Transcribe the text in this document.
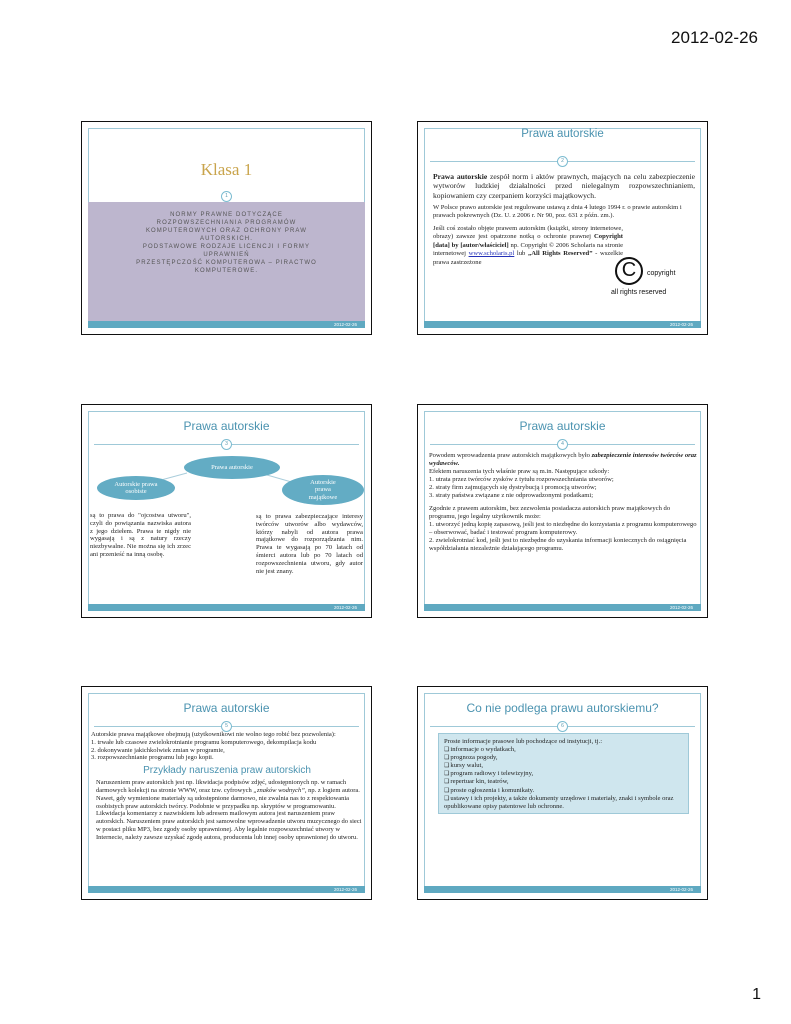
2012-02-26
Klasa 1
1

NORMY PRAWNE DOTYCZĄCE

ROZPOWSZECHNIANIA PROGRAMÓW

KOMPUTEROWYCH ORAZ OCHRONY PRAW

AUTORSKICH.

PODSTAWOWE RODZAJE LICENCJI I FORMY

UPRAWNIEŃ

PRZESTĘPCZOŚĆ KOMPUTEROWA – PIRACTWO

KOMPUTEROWE.

2012-02-26
Prawa autorskie
2

Prawa autorskie zespół norm i aktów prawnych, mających na celu zabezpieczenie wytworów ludzkiej działalności przed nielegalnym rozpowszechnianiem, kopiowaniem czy czerpaniem korzyści majątkowych.

W Polsce prawo autorskie jest regulowane ustawą z dnia 4 lutego 1994 r. o prawie autorskim i prawach pokrewnych (Dz. U. z 2006 r. Nr 90, poz. 631 z późn. zm.).

Jeśli coś zostało objęte prawem autorskim (książki, strony internetowe, obrazy) zawsze jest opatrzone notką o ochronie prawnej Copyright [data] by [autor/właściciel] np. Copyright © 2006 Scholaris na stronie internetowej www.scholaris.pl lub „All Rights Reserved” - wszelkie prawa zastrzeżone	C	copyright
all rights reserved
2012-02-26
Prawa autorskie
3
Prawa autorskie
Autorskie prawa osobiste
Autorskie prawa majątkowe
są to prawa do "ojcostwa utworu", czyli do powiązania nazwiska autora z jego dziełem. Prawa te nigdy nie wygasają i są z natury rzeczy niezbywalne. Nie można się ich zrzec ani przenieść na inną osobę.
są to prawa zabezpieczające interesy twórców utworów albo wydawców, którzy nabyli od autora prawa majątkowe do rozporządzania nim. Prawa te wygasają po 70 latach od śmierci autora lub po 70 latach od rozpowszechnienia utworu, gdy autor nie jest znany.
2012-02-26
Prawa autorskie
4

Powodem wprowadzenia praw autorskich majątkowych było zabezpieczenie interesów twórców oraz wydawców.
Efektem naruszenia tych właśnie praw są m.in. Następujące szkody:
1. utrata przez twórców zysków z tytułu rozpowszechniania utworów;
2. straty firm zajmujących się dystrybucją i promocją utworów;
3. straty państwa związane z nie odprowadzonymi podatkami;

Zgodnie z prawem autorskim, bez zezwolenia posiadacza autorskich praw majątkowych do programu, jego legalny użytkownik może:
1. utworzyć jedną kopię zapasową, jeśli jest to niezbędne do korzystania z programu komputerowego – obserwować, badać i testować program komputerowy.
2. zwielokrotniać kod, jeśli jest to niezbędne do uzyskania informacji koniecznych do osiągnięcia współdziałania niezależnie działającego programu.

2012-02-26
Prawa autorskie
5
Autorskie prawa majątkowe obejmują (użytkownikowi nie wolno tego robić bez pozwolenia):
1. trwałe lub czasowe zwielokrotnianie programu komputerowego, dekompilacja kodu
2. dokonywanie jakichkolwiek zmian w programie,
3. rozpowszechnianie programu lub jego kopii.
Przykłady naruszenia praw autorskich
Naruszeniem praw autorskich jest np. likwidacja podpisów zdjęć, udostępnionych np. w ramach darmowych kolekcji na stronie WWW, oraz tzw. cyfrowych „znaków wodnych”, np. z logiem autora. Nawet, gdy wymienione materiały są udostępnione darmowo, nie zwalnia nas to z respektowania osobistych praw autorskich twórcy. Podobnie w przypadku np. skryptów w programowaniu. Likwidacja komentarzy z nazwiskiem lub adresem mailowym autora jest naruszeniem praw autorskich. Naruszeniem praw autorskich jest samowolne wprowadzenie utworu muzycznego do sieci w postaci pliku MP3, bez zgody osoby uprawnionej. Aby legalnie rozpowszechniać utwory w Internecie, należy zawsze uzyskać zgodę autora, producenta lub innej osoby uprawnionej do utworu.
2012-02-26
Co nie podlega prawu autorskiemu?
6
Proste informacje prasowe lub pochodzące od instytucji, tj.:
❑ informacje o wydatkach,
❑ prognoza pogody,
❑ kursy walut,
❑ program radiowy i telewizyjny,
❑ repertuar kin, teatrów,
❑ proste ogłoszenia i komunikaty.
❑ ustawy i ich projekty, a także dokumenty urzędowe i materiały, znaki i symbole oraz opublikowane opisy patentowe lub ochronne.
2012-02-26
1
